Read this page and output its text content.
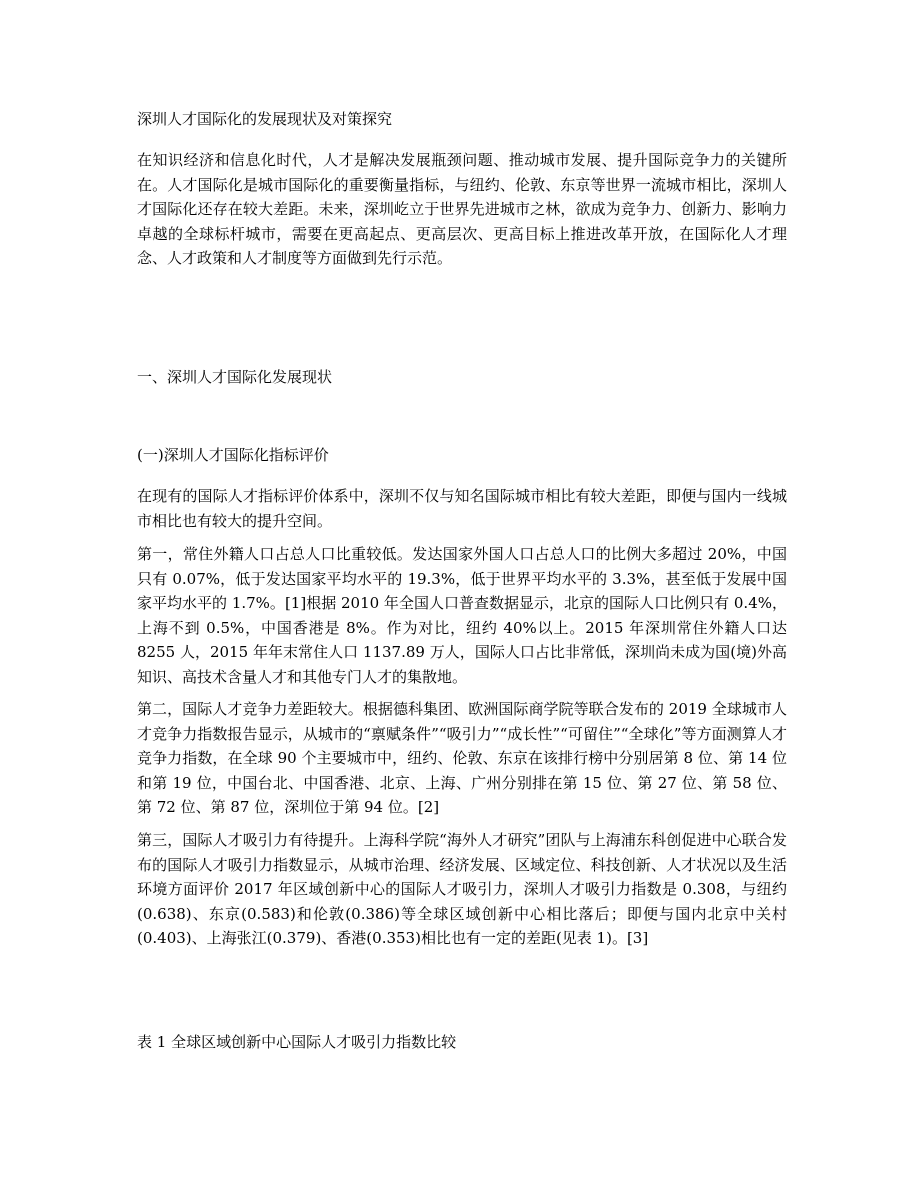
深圳人才国际化的发展现状及对策探究

在知识经济和信息化时代，人才是解决发展瓶颈问题、推动城市发展、提升国际竞争力的关键所在。人才国际化是城市国际化的重要衡量指标，与纽约、伦敦、东京等世界一流城市相比，深圳人才国际化还存在较大差距。未来，深圳屹立于世界先进城市之林，欲成为竞争力、创新力、影响力卓越的全球标杆城市，需要在更高起点、更高层次、更高目标上推进改革开放，在国际化人才理念、人才政策和人才制度等方面做到先行示范。

一、深圳人才国际化发展现状

(一)深圳人才国际化指标评价

在现有的国际人才指标评价体系中，深圳不仅与知名国际城市相比有较大差距，即便与国内一线城市相比也有较大的提升空间。

第一，常住外籍人口占总人口比重较低。发达国家外国人口占总人口的比例大多超过 20%，中国只有 0.07%，低于发达国家平均水平的 19.3%，低于世界平均水平的 3.3%，甚至低于发展中国家平均水平的 1.7%。[1]根据 2010 年全国人口普查数据显示，北京的国际人口比例只有 0.4%，上海不到 0.5%，中国香港是 8%。作为对比，纽约 40%以上。2015 年深圳常住外籍人口达 8255 人，2015 年年末常住人口 1137.89 万人，国际人口占比非常低，深圳尚未成为国(境)外高知识、高技术含量人才和其他专门人才的集散地。

第二，国际人才竞争力差距较大。根据德科集团、欧洲国际商学院等联合发布的 2019 全球城市人才竞争力指数报告显示，从城市的“禀赋条件”“吸引力”“成长性”“可留住”“全球化”等方面测算人才竞争力指数，在全球 90 个主要城市中，纽约、伦敦、东京在该排行榜中分别居第 8 位、第 14 位和第 19 位，中国台北、中国香港、北京、上海、广州分别排在第 15 位、第 27 位、第 58 位、第 72 位、第 87 位，深圳位于第 94 位。[2]

第三，国际人才吸引力有待提升。上海科学院“海外人才研究”团队与上海浦东科创促进中心联合发布的国际人才吸引力指数显示，从城市治理、经济发展、区域定位、科技创新、人才状况以及生活环境方面评价 2017 年区域创新中心的国际人才吸引力，深圳人才吸引力指数是 0.308，与纽约(0.638)、东京(0.583)和伦敦(0.386)等全球区域创新中心相比落后；即便与国内北京中关村(0.403)、上海张江(0.379)、香港(0.353)相比也有一定的差距(见表 1)。[3]

表 1 全球区域创新中心国际人才吸引力指数比较
